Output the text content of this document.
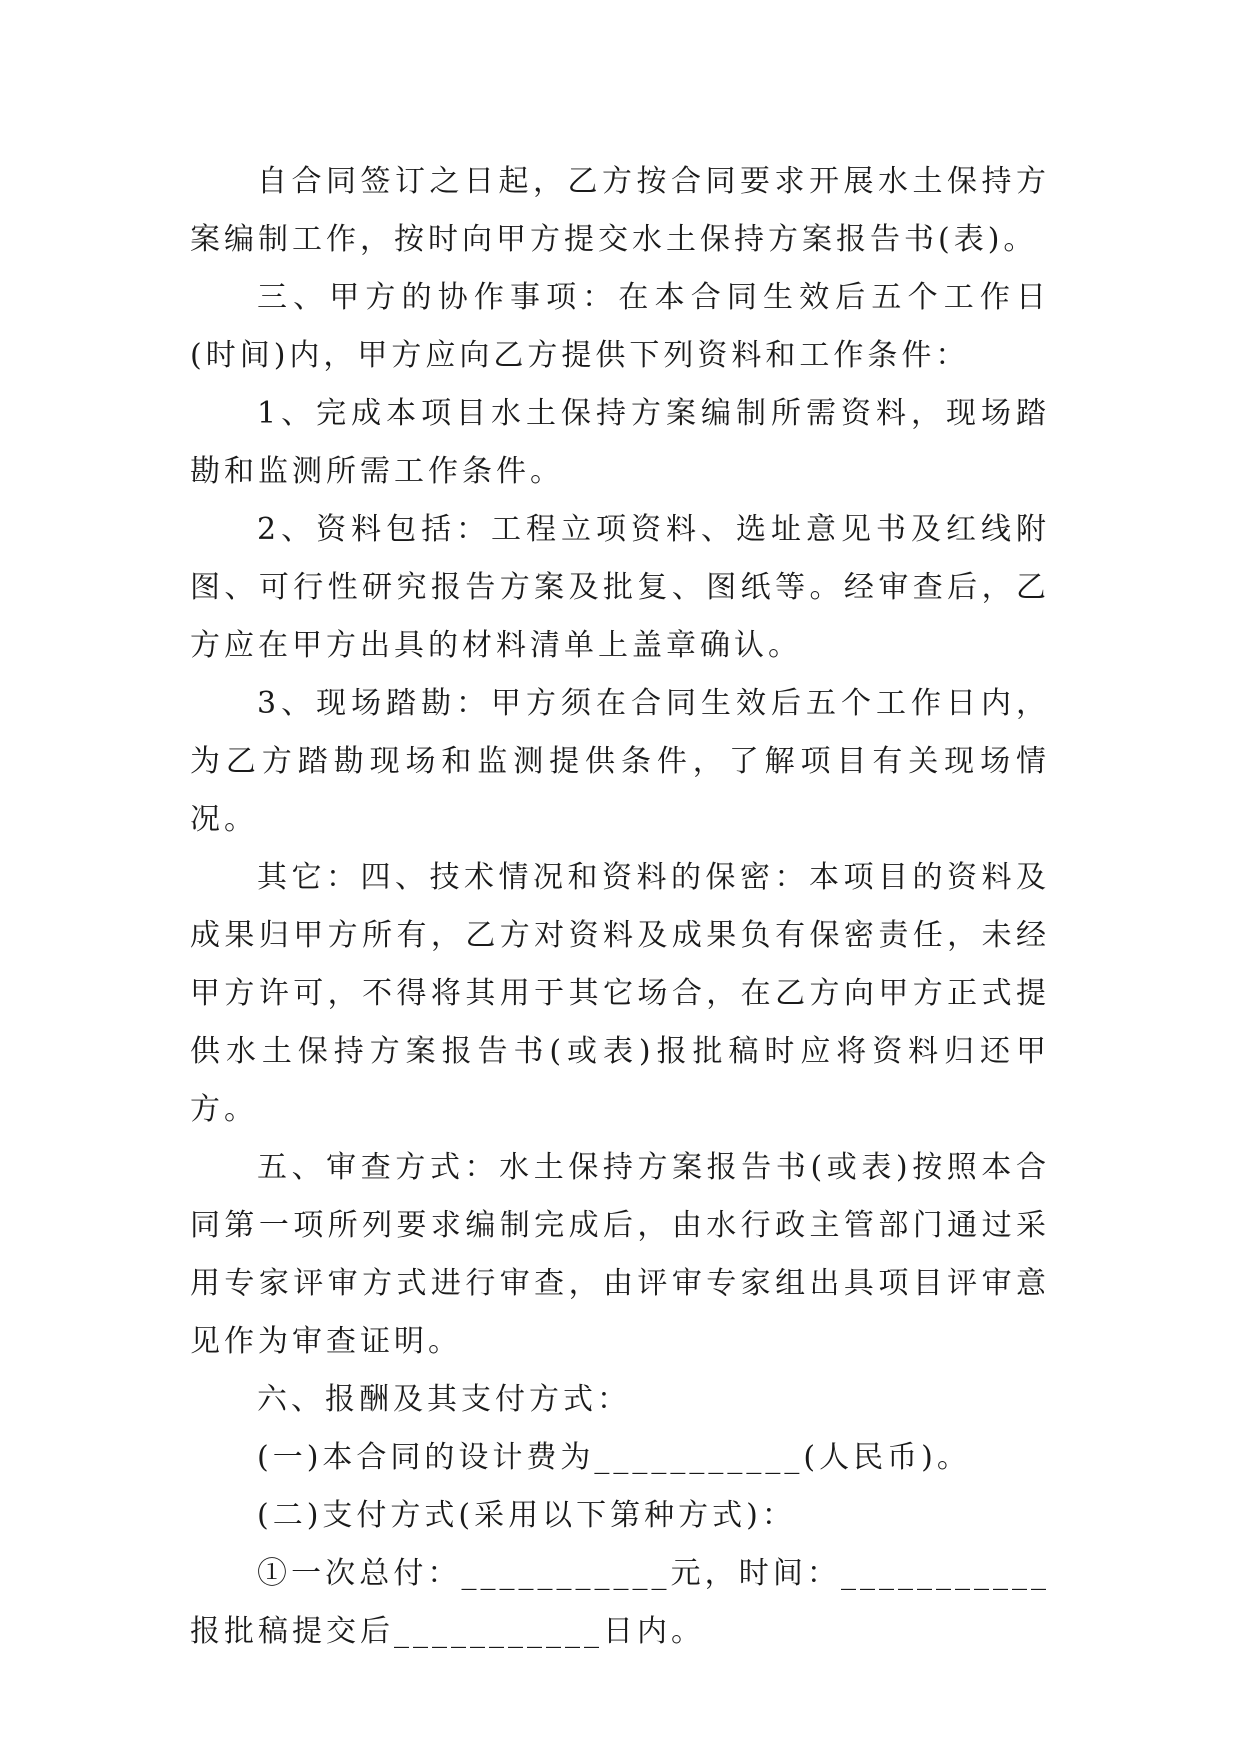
自合同签订之日起，乙方按合同要求开展水土保持方案编制工作，按时向甲方提交水土保持方案报告书(表)。

三、甲方的协作事项：在本合同生效后五个工作日(时间)内，甲方应向乙方提供下列资料和工作条件：

1、完成本项目水土保持方案编制所需资料，现场踏勘和监测所需工作条件。

2、资料包括：工程立项资料、选址意见书及红线附图、可行性研究报告方案及批复、图纸等。经审查后，乙方应在甲方出具的材料清单上盖章确认。

3、现场踏勘：甲方须在合同生效后五个工作日内，为乙方踏勘现场和监测提供条件，了解项目有关现场情况。

其它：四、技术情况和资料的保密：本项目的资料及成果归甲方所有，乙方对资料及成果负有保密责任，未经甲方许可，不得将其用于其它场合，在乙方向甲方正式提供水土保持方案报告书(或表)报批稿时应将资料归还甲方。

五、审查方式：水土保持方案报告书(或表)按照本合同第一项所列要求编制完成后，由水行政主管部门通过采用专家评审方式进行审查，由评审专家组出具项目评审意见作为审查证明。

六、报酬及其支付方式：

(一)本合同的设计费为___________(人民币)。

(二)支付方式(采用以下第种方式)：

①一次总付：___________元，时间：___________报批稿提交后___________日内。
